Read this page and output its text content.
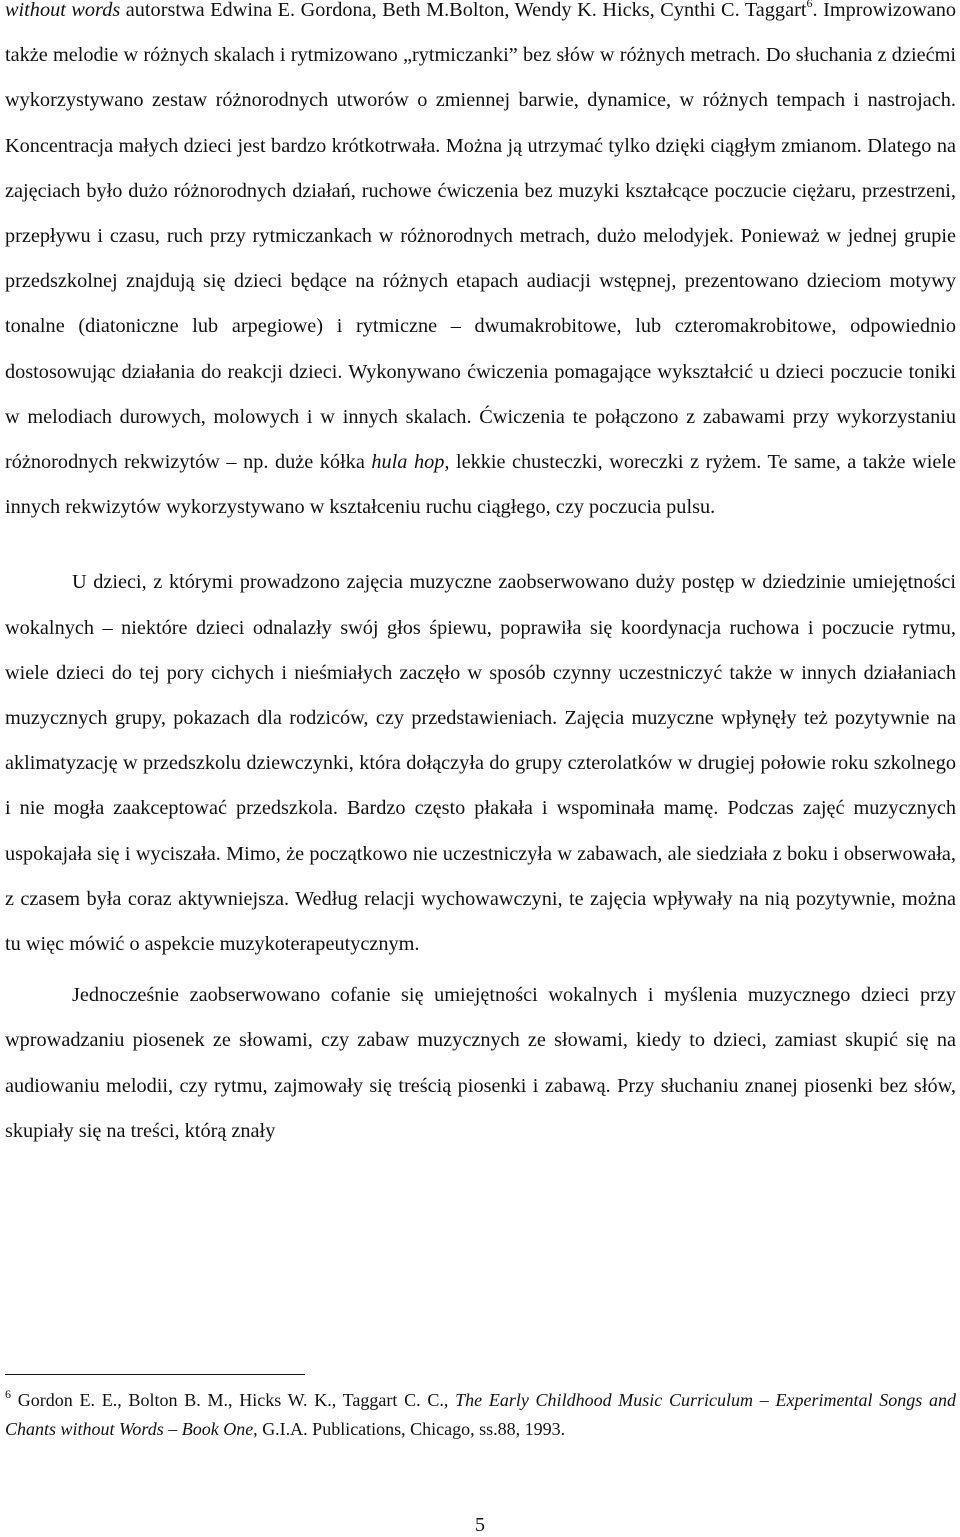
without words autorstwa Edwina E. Gordona, Beth M.Bolton, Wendy K. Hicks, Cynthi C. Taggart$^6$. Improwizowano także melodie w różnych skalach i rytmizowano „rytmiczanki” bez słów w różnych metrach. Do słuchania z dziećmi wykorzystywano zestaw różnorodnych utworów o zmiennej barwie, dynamice, w różnych tempach i nastrojach. Koncentracja małych dzieci jest bardzo krótkotrwała. Można ją utrzymać tylko dzięki ciągłym zmianom. Dlatego na zajęciach było dużo różnorodnych działań, ruchowe ćwiczenia bez muzyki kształcące poczucie ciężaru, przestrzeni, przepływu i czasu, ruch przy rytmiczankach w różnorodnych metrach, dużo melodyjek. Ponieważ w jednej grupie przedszkolnej znajdują się dzieci będące na różnych etapach audiacji wstępnej, prezentowano dzieciom motywy tonalne (diatoniczne lub arpegiowe) i rytmiczne – dwumakrobitowe, lub czteromakrobitowe, odpowiednio dostosowując działania do reakcji dzieci. Wykonywano ćwiczenia pomagające wykształcić u dzieci poczucie toniki w melodiach durowych, molowych i w innych skalach. Ćwiczenia te połączono z zabawami przy wykorzystaniu różnorodnych rekwizytów – np. duże kółka hula hop, lekkie chusteczki, woreczki z ryżem. Te same, a także wiele innych rekwizytów wykorzystywano w kształceniu ruchu ciągłego, czy poczucia pulsu.

U dzieci, z którymi prowadzono zajęcia muzyczne zaobserwowano duży postęp w dziedzinie umiejętności wokalnych – niektóre dzieci odnalazły swój głos śpiewu, poprawiła się koordynacja ruchowa i poczucie rytmu, wiele dzieci do tej pory cichych i nieśmiałych zaczęło w sposób czynny uczestniczyć także w innych działaniach muzycznych grupy, pokazach dla rodziców, czy przedstawieniach. Zajęcia muzyczne wpłynęły też pozytywnie na aklimatyzację w przedszkolu dziewczynki, która dołączyła do grupy czterolatków w drugiej połowie roku szkolnego i nie mogła zaakceptować przedszkola. Bardzo często płakała i wspominała mamę. Podczas zajęć muzycznych uspokajała się i wyciszała. Mimo, że początkowo nie uczestniczyła w zabawach, ale siedziała z boku i obserwowała, z czasem była coraz aktywniejsza. Według relacji wychowawczyni, te zajęcia wpływały na nią pozytywnie, można tu więc mówić o aspekcie muzykoterapeutycznym.

Jednocześnie zaobserwowano cofanie się umiejętności wokalnych i myślenia muzycznego dzieci przy wprowadzaniu piosenek ze słowami, czy zabaw muzycznych ze słowami, kiedy to dzieci, zamiast skupić się na audiowaniu melodii, czy rytmu, zajmowały się treścią piosenki i zabawą. Przy słuchaniu znanej piosenki bez słów, skupiały się na treści, którą znały

$^6$ Gordon E. E., Bolton B. M., Hicks W. K., Taggart C. C., The Early Childhood Music Curriculum – Experimental Songs and Chants without Words – Book One, G.I.A. Publications, Chicago, ss.88, 1993.

5
